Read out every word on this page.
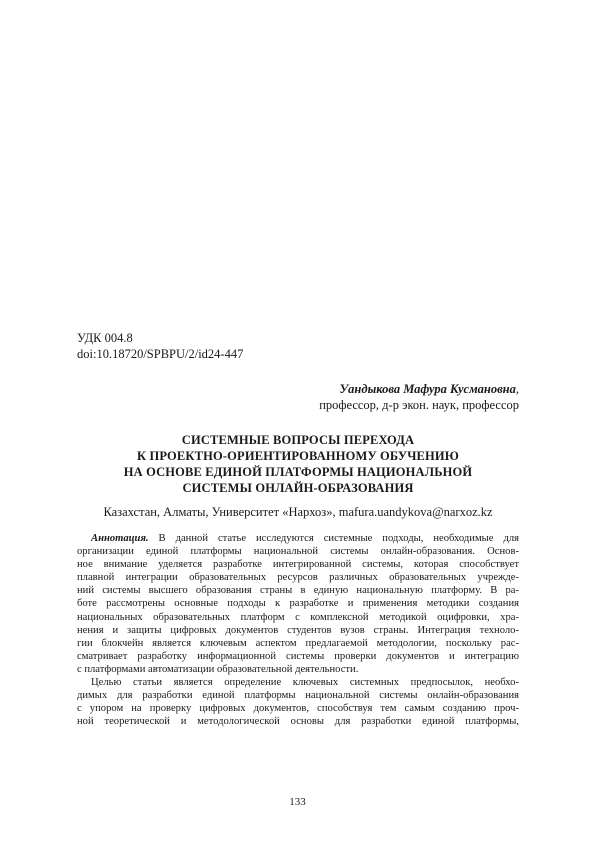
УДК 004.8
doi:10.18720/SPBPU/2/id24-447
Уандыкова Мафура Кусмановна,
профессор, д-р экон. наук, профессор
СИСТЕМНЫЕ ВОПРОСЫ ПЕРЕХОДА
К ПРОЕКТНО-ОРИЕНТИРОВАННОМУ ОБУЧЕНИЮ
НА ОСНОВЕ ЕДИНОЙ ПЛАТФОРМЫ НАЦИОНАЛЬНОЙ
СИСТЕМЫ ОНЛАЙН-ОБРАЗОВАНИЯ
Казахстан, Алматы, Университет «Нархоз», mafura.uandykova@narxoz.kz
Аннотация. В данной статье исследуются системные подходы, необходимые для
организации единой платформы национальной системы онлайн-образования. Основ-
ное внимание уделяется разработке интегрированной системы, которая способствует
плавной интеграции образовательных ресурсов различных образовательных учрежде-
ний системы высшего образования страны в единую национальную платформу. В ра-
боте рассмотрены основные подходы к разработке и применения методики создания
национальных образовательных платформ с комплексной методикой оцифровки, хра-
нения и защиты цифровых документов студентов вузов страны. Интеграция техноло-
гии блокчейн является ключевым аспектом предлагаемой методологии, поскольку рас-
сматривает разработку информационной системы проверки документов и интеграцию
с платформами автоматизации образовательной деятельности.
Целью статьи является определение ключевых системных предпосылок, необхо-
димых для разработки единой платформы национальной системы онлайн-образования
с упором на проверку цифровых документов, способствуя тем самым созданию проч-
ной теоретической и методологической основы для разработки единой платформы,
133
